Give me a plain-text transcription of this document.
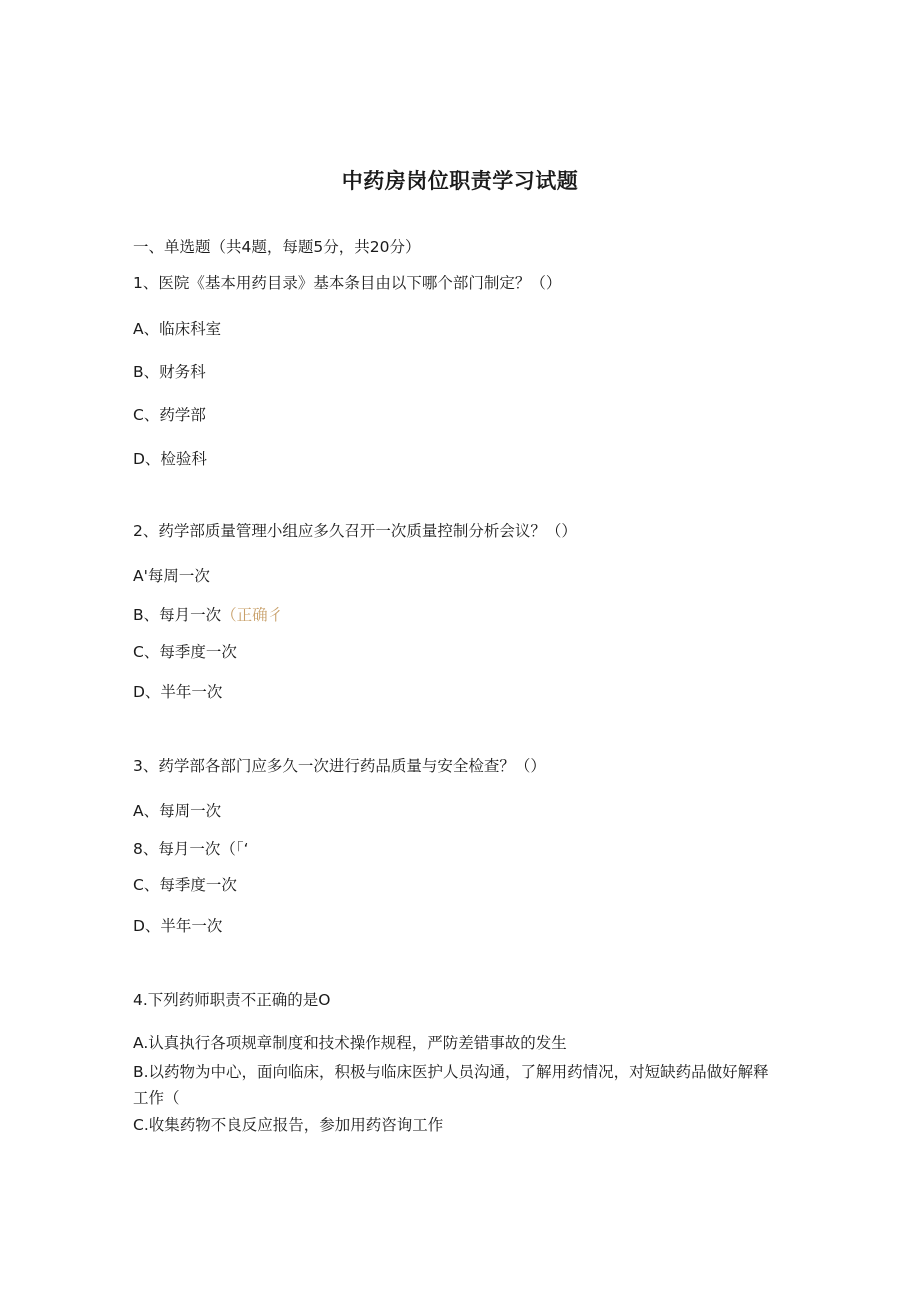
中药房岗位职责学习试题
一、单选题（共4题，每题5分，共20分）
1、医院《基本用药目录》基本条目由以下哪个部门制定？（）
A、临床科室
B、财务科
C、药学部
D、检验科
2、药学部质量管理小组应多久召开一次质量控制分析会议？（）
A'每周一次
B、每月一次（正确彳
C、每季度一次
D、半年一次
3、药学部各部门应多久一次进行药品质量与安全检查？（）
A、每周一次
8、每月一次（「‘
C、每季度一次
D、半年一次
4.下列药师职责不正确的是O
A.认真执行各项规章制度和技术操作规程，严防差错事故的发生
B.以药物为中心，面向临床，积极与临床医护人员沟通，了解用药情况，对短缺药品做好解释工作（
C.收集药物不良反应报告，参加用药咨询工作
